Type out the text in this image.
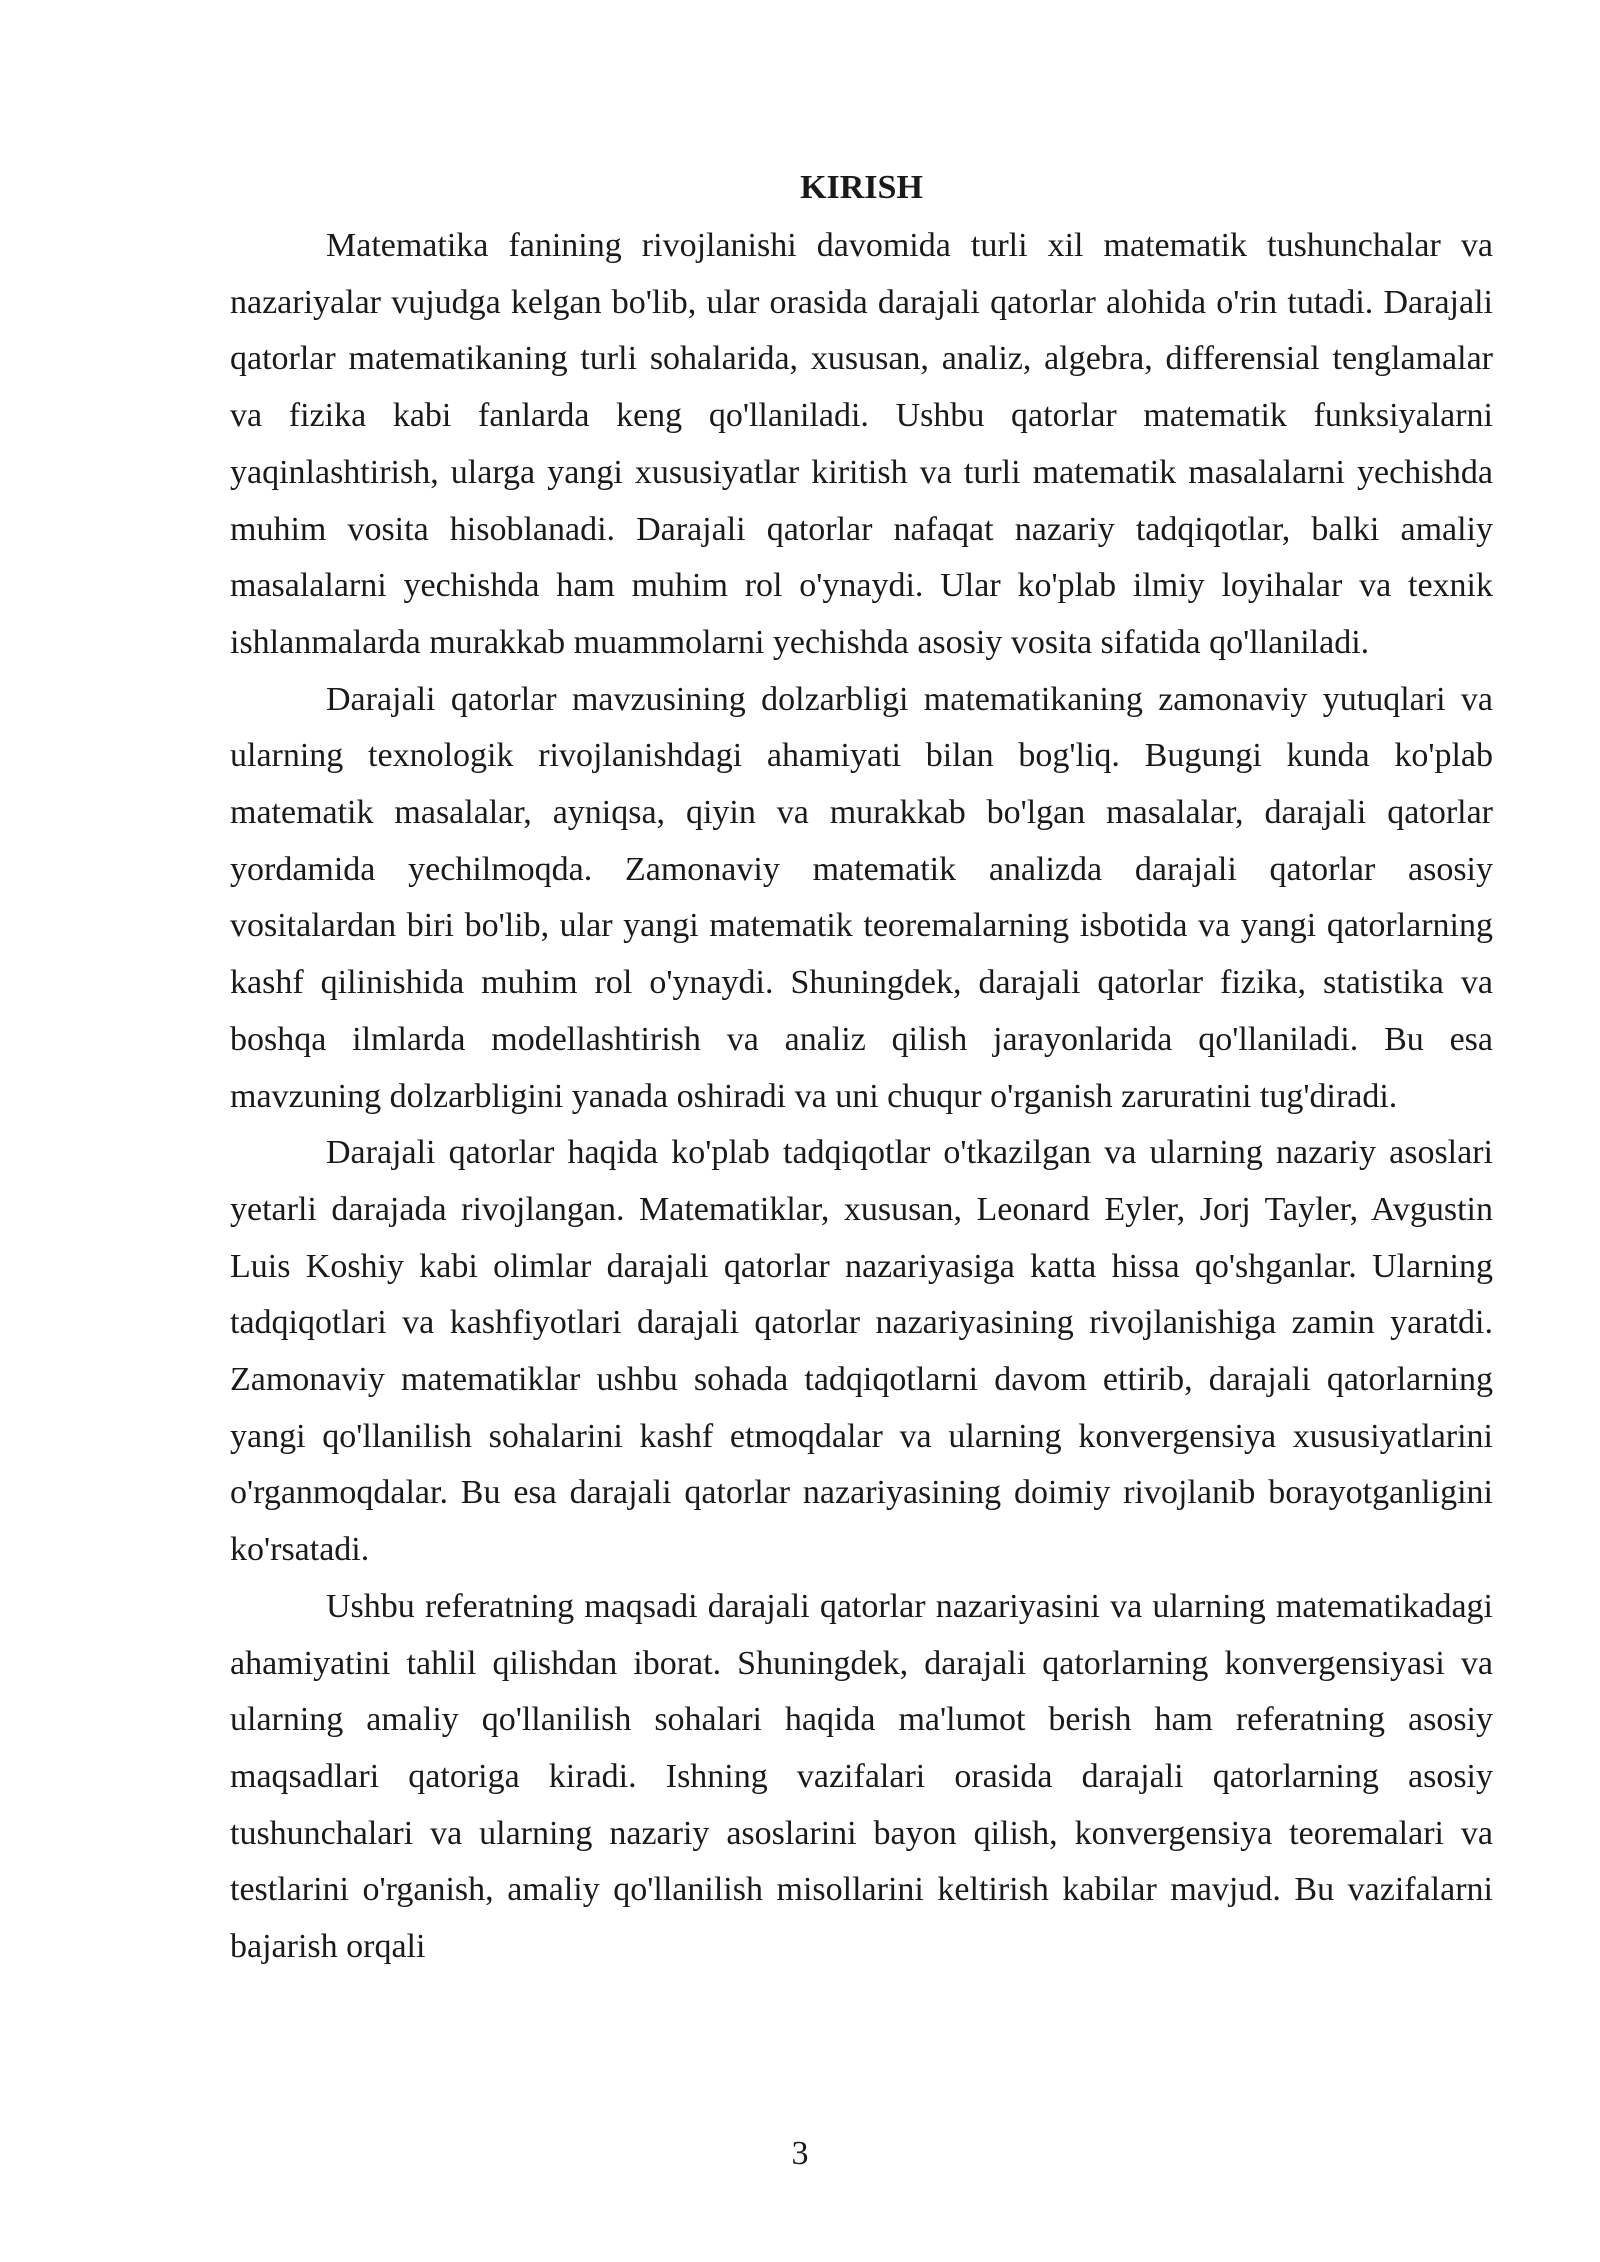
KIRISH

Matematika fanining rivojlanishi davomida turli xil matematik tushunchalar va nazariyalar vujudga kelgan bo'lib, ular orasida darajali qatorlar alohida o'rin tutadi. Darajali qatorlar matematikaning turli sohalarida, xususan, analiz, algebra, differensial tenglamalar va fizika kabi fanlarda keng qo'llaniladi. Ushbu qatorlar matematik funksiyalarni yaqinlashtirish, ularga yangi xususiyatlar kiritish va turli matematik masalalarni yechishda muhim vosita hisoblanadi. Darajali qatorlar nafaqat nazariy tadqiqotlar, balki amaliy masalalarni yechishda ham muhim rol o'ynaydi. Ular ko'plab ilmiy loyihalar va texnik ishlanmalarda murakkab muammolarni yechishda asosiy vosita sifatida qo'llaniladi.

Darajali qatorlar mavzusining dolzarbligi matematikaning zamonaviy yutuqlari va ularning texnologik rivojlanishdagi ahamiyati bilan bog'liq. Bugungi kunda ko'plab matematik masalalar, ayniqsa, qiyin va murakkab bo'lgan masalalar, darajali qatorlar yordamida yechilmoqda. Zamonaviy matematik analizda darajali qatorlar asosiy vositalardan biri bo'lib, ular yangi matematik teoremalarning isbotida va yangi qatorlarning kashf qilinishida muhim rol o'ynaydi. Shuningdek, darajali qatorlar fizika, statistika va boshqa ilmlarda modellashtirish va analiz qilish jarayonlarida qo'llaniladi. Bu esa mavzuning dolzarbligini yanada oshiradi va uni chuqur o'rganish zaruratini tug'diradi.

Darajali qatorlar haqida ko'plab tadqiqotlar o'tkazilgan va ularning nazariy asoslari yetarli darajada rivojlangan. Matematiklar, xususan, Leonard Eyler, Jorj Tayler, Avgustin Luis Koshiy kabi olimlar darajali qatorlar nazariyasiga katta hissa qo'shganlar. Ularning tadqiqotlari va kashfiyotlari darajali qatorlar nazariyasining rivojlanishiga zamin yaratdi. Zamonaviy matematiklar ushbu sohada tadqiqotlarni davom ettirib, darajali qatorlarning yangi qo'llanilish sohalarini kashf etmoqdalar va ularning konvergensiya xususiyatlarini o'rganmoqdalar. Bu esa darajali qatorlar nazariyasining doimiy rivojlanib borayotganligini ko'rsatadi.

Ushbu referatning maqsadi darajali qatorlar nazariyasini va ularning matematikadagi ahamiyatini tahlil qilishdan iborat. Shuningdek, darajali qatorlarning konvergensiyasi va ularning amaliy qo'llanilish sohalari haqida ma'lumot berish ham referatning asosiy maqsadlari qatoriga kiradi. Ishning vazifalari orasida darajali qatorlarning asosiy tushunchalari va ularning nazariy asoslarini bayon qilish, konvergensiya teoremalari va testlarini o'rganish, amaliy qo'llanilish misollarini keltirish kabilar mavjud. Bu vazifalarni bajarish orqali

3
